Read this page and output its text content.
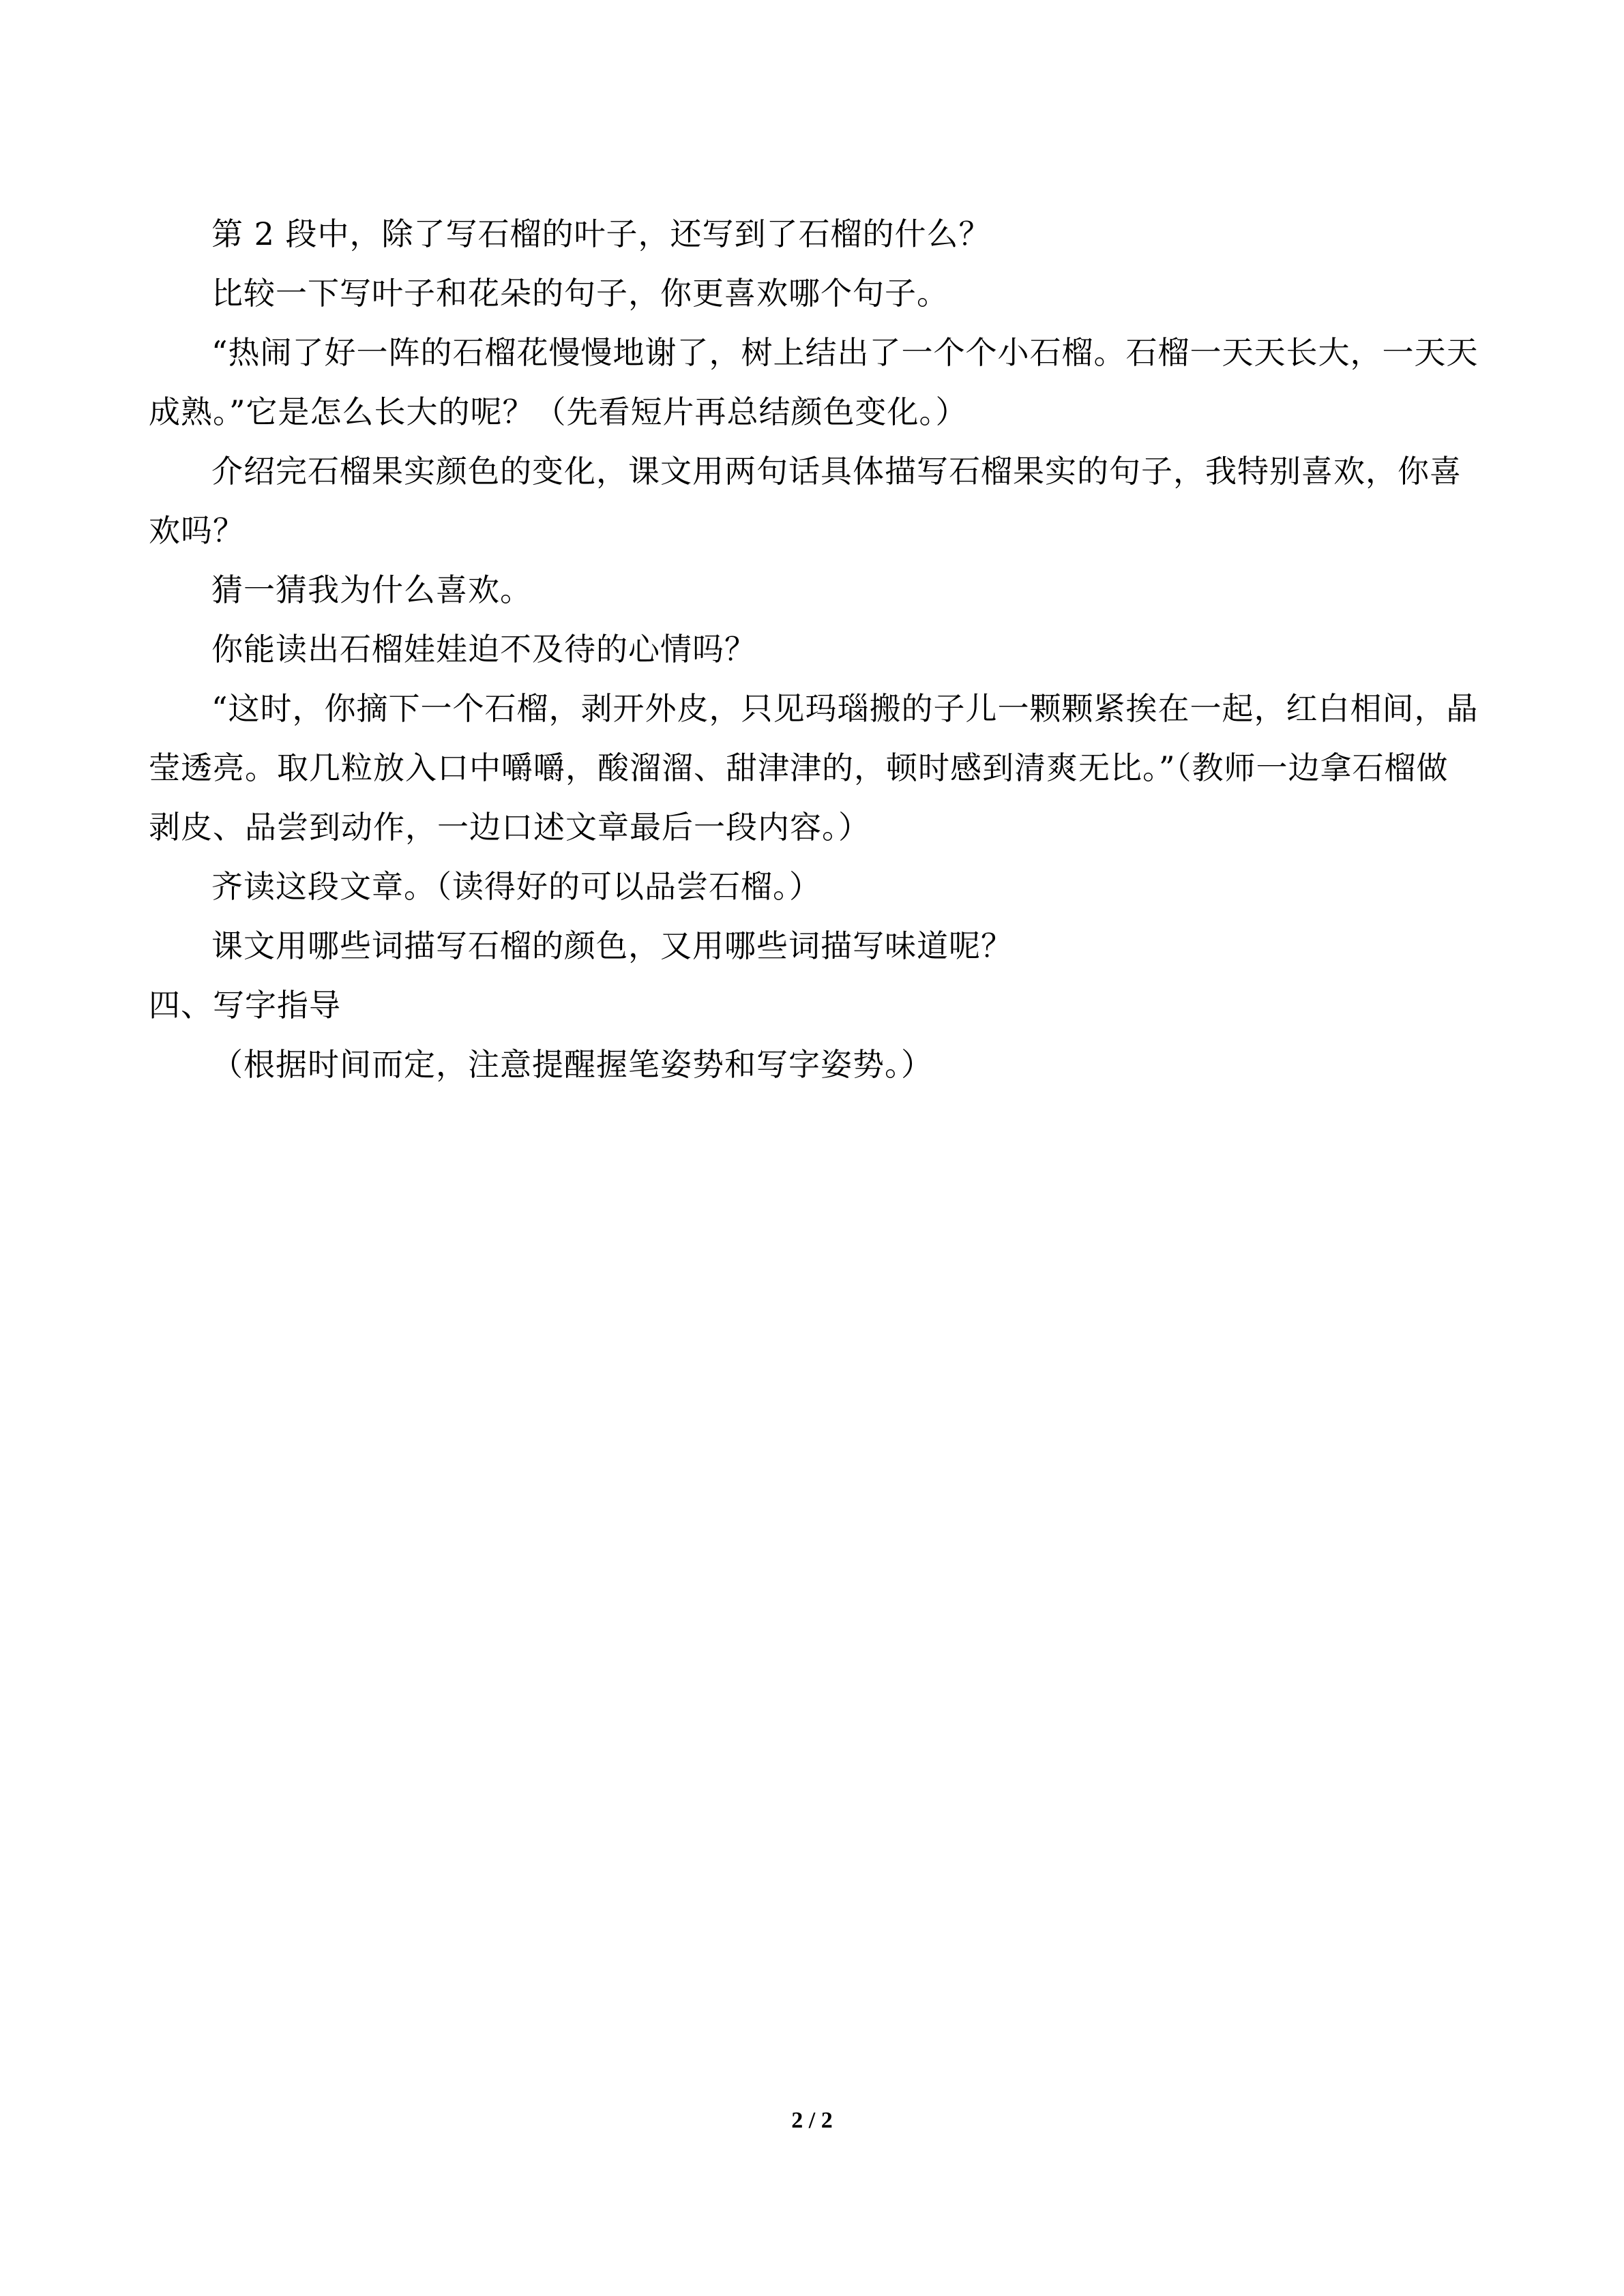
第 2 段中，除了写石榴的叶子，还写到了石榴的什么？

比较一下写叶子和花朵的句子，你更喜欢哪个句子。

“热闹了好一阵的石榴花慢慢地谢了，树上结出了一个个小石榴。石榴一天天长大，一天天成熟。”它是怎么长大的呢？（先看短片再总结颜色变化。）

介绍完石榴果实颜色的变化，课文用两句话具体描写石榴果实的句子，我特别喜欢，你喜欢吗？

猜一猜我为什么喜欢。

你能读出石榴娃娃迫不及待的心情吗？

“这时，你摘下一个石榴，剥开外皮，只见玛瑙搬的子儿一颗颗紧挨在一起，红白相间，晶莹透亮。取几粒放入口中嚼嚼，酸溜溜、甜津津的，顿时感到清爽无比。”（教师一边拿石榴做剥皮、品尝到动作，一边口述文章最后一段内容。）

齐读这段文章。（读得好的可以品尝石榴。）

课文用哪些词描写石榴的颜色，又用哪些词描写味道呢？

四、写字指导

（根据时间而定，注意提醒握笔姿势和写字姿势。）

2 / 2
